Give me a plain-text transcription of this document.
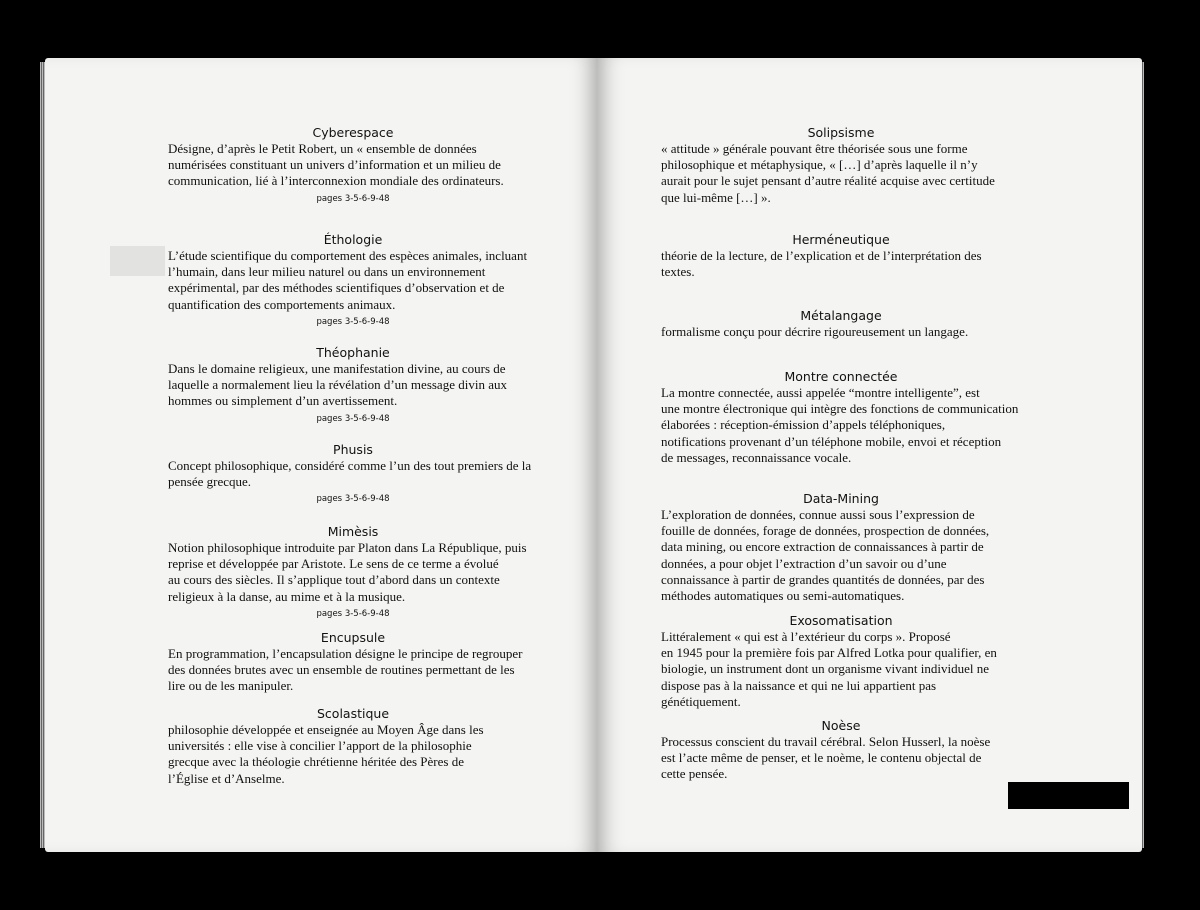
Cyberespace

Désigne, d’après le Petit Robert, un « ensemble de données
numérisées constituant un univers d’information et un milieu de
communication, lié à l’interconnexion mondiale des ordinateurs.

pages 3-5-6-9-48
Éthologie

L’étude scientifique du comportement des espèces animales, incluant
l’humain, dans leur milieu naturel ou dans un environnement
expérimental, par des méthodes scientifiques d’observation et de
quantification des comportements animaux.

pages 3-5-6-9-48
Théophanie

Dans le domaine religieux, une manifestation divine, au cours de
laquelle a normalement lieu la révélation d’un message divin aux
hommes ou simplement d’un avertissement.

pages 3-5-6-9-48
Phusis

Concept philosophique, considéré comme l’un des tout premiers de la
pensée grecque.

pages 3-5-6-9-48
Mimèsis

Notion philosophique introduite par Platon dans La République, puis
reprise et développée par Aristote. Le sens de ce terme a évolué
au cours des siècles. Il s’applique tout d’abord dans un contexte
religieux à la danse, au mime et à la musique.

pages 3-5-6-9-48
Encupsule

En programmation, l’encapsulation désigne le principe de regrouper
des données brutes avec un ensemble de routines permettant de les
lire ou de les manipuler.

Scolastique

philosophie développée et enseignée au Moyen Âge dans les
universités : elle vise à concilier l’apport de la philosophie
grecque avec la théologie chrétienne héritée des Pères de
l’Église et d’Anselme.

Solipsisme

« attitude » générale pouvant être théorisée sous une forme
philosophique et métaphysique, « […] d’après laquelle il n’y
aurait pour le sujet pensant d’autre réalité acquise avec certitude
que lui-même […] ».

Herméneutique

théorie de la lecture, de l’explication et de l’interprétation des
textes.

Métalangage

formalisme conçu pour décrire rigoureusement un langage.

Montre connectée

La montre connectée, aussi appelée “montre intelligente”, est
une montre électronique qui intègre des fonctions de communication
élaborées : réception-émission d’appels téléphoniques,
notifications provenant d’un téléphone mobile, envoi et réception
de messages, reconnaissance vocale.

Data-Mining

L’exploration de données, connue aussi sous l’expression de
fouille de données, forage de données, prospection de données,
data mining, ou encore extraction de connaissances à partir de
données, a pour objet l’extraction d’un savoir ou d’une
connaissance à partir de grandes quantités de données, par des
méthodes automatiques ou semi-automatiques.

Exosomatisation

Littéralement « qui est à l’extérieur du corps ». Proposé
en 1945 pour la première fois par Alfred Lotka pour qualifier, en
biologie, un instrument dont un organisme vivant individuel ne
dispose pas à la naissance et qui ne lui appartient pas
génétiquement.

Noèse

Processus conscient du travail cérébral. Selon Husserl, la noèse
est l’acte même de penser, et le noème, le contenu objectal de
cette pensée.
